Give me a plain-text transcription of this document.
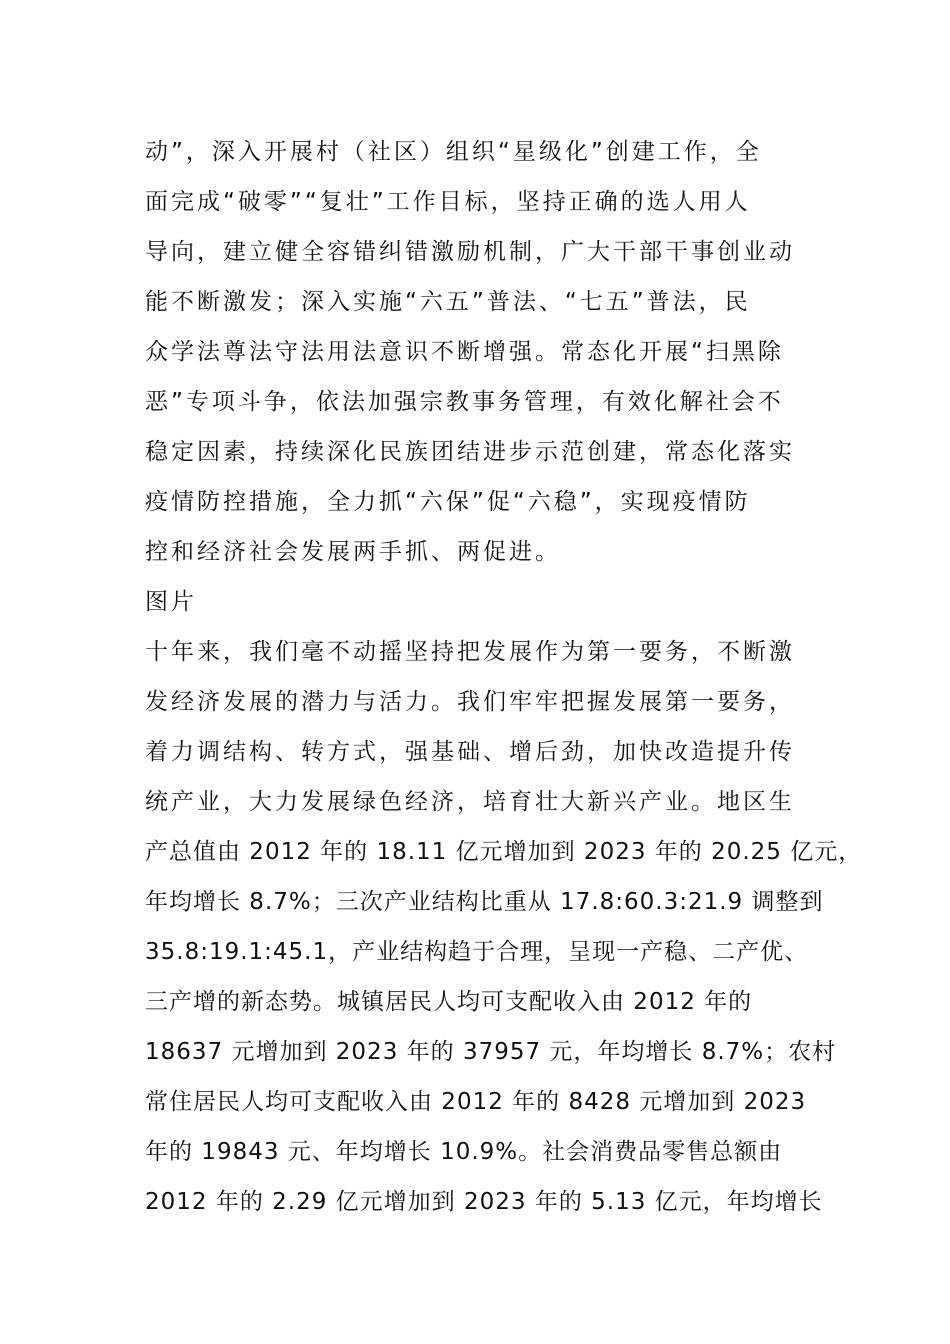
动”，深入开展村（社区）组织“星级化”创建工作，全
面完成“破零”“复壮”工作目标，坚持正确的选人用人
导向，建立健全容错纠错激励机制，广大干部干事创业动
能不断激发；深入实施“六五”普法、“七五”普法，民
众学法尊法守法用法意识不断增强。常态化开展“扫黑除
恶”专项斗争，依法加强宗教事务管理，有效化解社会不
稳定因素，持续深化民族团结进步示范创建，常态化落实
疫情防控措施，全力抓“六保”促“六稳”，实现疫情防
控和经济社会发展两手抓、两促进。
图片
十年来，我们毫不动摇坚持把发展作为第一要务，不断激
发经济发展的潜力与活力。我们牢牢把握发展第一要务，
着力调结构、转方式，强基础、增后劲，加快改造提升传
统产业，大力发展绿色经济，培育壮大新兴产业。地区生
产总值由 2012 年的 18.11 亿元增加到 2023 年的 20.25 亿元，
年均增长 8.7%；三次产业结构比重从 17.8:60.3:21.9 调整到
35.8:19.1:45.1，产业结构趋于合理，呈现一产稳、二产优、
三产增的新态势。城镇居民人均可支配收入由 2012 年的
18637 元增加到 2023 年的 37957 元，年均增长 8.7%；农村
常住居民人均可支配收入由 2012 年的 8428 元增加到 2023
年的 19843 元、年均增长 10.9%。社会消费品零售总额由
2012 年的 2.29 亿元增加到 2023 年的 5.13 亿元，年均增长
